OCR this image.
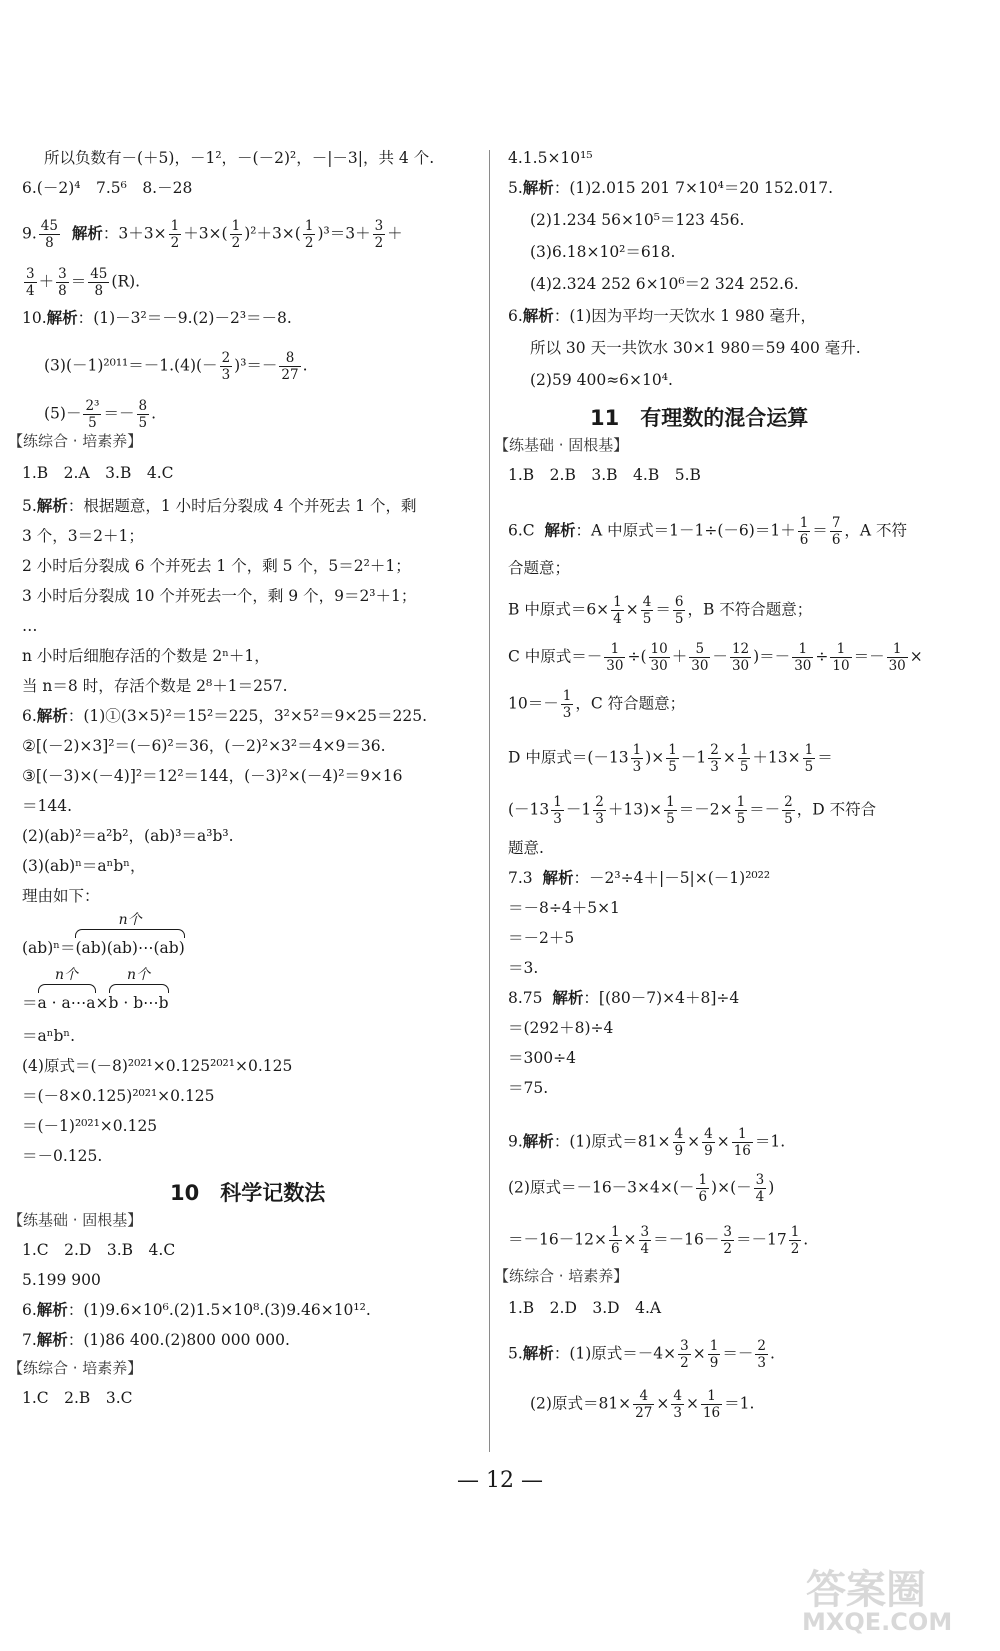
所以负数有－(＋5)，－1²，－(－2)²，－|－3|，共 4 个.
6.(－2)⁴　7.5⁶　8.－28
9. $\frac{45}{8}$ 解析：$3+3\times \frac{1}{2} +3\times( \frac{1}{2} )^2+3\times( \frac{1}{2} )^3=3+ \frac{3}{2}$ ＋
$\frac{3}{4} + \frac{3}{8} = \frac{45}{8} (R)$.
10.解析：(1)－3²＝－9.(2)－2³＝－8.
$(3)(-1)^{2011}=-1.(4)(- \frac{2}{3} )^3=- \frac{8}{27}$ .
$(5)- \frac{\text{2³}}{5} =- \frac{8}{5}$ .
【练综合 · 培素养】
1.B　2.A　3.B　4.C
5.解析：根据题意，1 小时后分裂成 4 个并死去 1 个，剩
3 个，3＝2＋1；
2 小时后分裂成 6 个并死去 1 个，剩 5 个，5＝2²＋1；
3 小时后分裂成 10 个并死去一个，剩 9 个，9＝2³＋1；
…
n 小时后细胞存活的个数是 2ⁿ＋1，
当 n＝8 时，存活个数是 2⁸＋1＝257.
6.解析：(1)①(3×5)²＝15²＝225，3²×5²＝9×25＝225.
②[(－2)×3]²＝(－6)²＝36，(－2)²×3²＝4×9＝36.
③[(－3)×(－4)]²＝12²＝144，(－3)²×(－4)²＝9×16
＝144.
(2)(ab)²＝a²b²，(ab)³＝a³b³.
(3)(ab)ⁿ＝aⁿbⁿ，
理由如下：
(ab)ⁿ＝
n个
(ab)(ab)⋯(ab)
＝
n个
a · a⋯a×
n个
b · b⋯b
＝aⁿbⁿ.
(4)原式＝(－8)²⁰²¹×0.125²⁰²¹×0.125
＝(－8×0.125)²⁰²¹×0.125
＝(－1)²⁰²¹×0.125
＝－0.125.
10　科学记数法
【练基础 · 固根基】
1.C　2.D　3.B　4.C
5.199 900
6.解析：(1)9.6×10⁶.(2)1.5×10⁸.(3)9.46×10¹².
7.解析：(1)86 400.(2)800 000 000.
【练综合 · 培素养】
1.C　2.B　3.C
4.1.5×10¹⁵
5.解析：(1)2.015 201 7×10⁴＝20 152.017.
(2)1.234 56×10⁵＝123 456.
(3)6.18×10²＝618.
(4)2.324 252 6×10⁶＝2 324 252.6.
6.解析：(1)因为平均一天饮水 1 980 毫升，
所以 30 天一共饮水 30×1 980＝59 400 毫升.
(2)59 400≈6×10⁴.
11　有理数的混合运算
【练基础 · 固根基】
1.B　2.B　3.B　4.B　5.B
6.C 解析：A 中原式$=1-1\div(-6)=1+ \frac{1}{6} = \frac{7}{6}$ ，A 不符
合题意；
B 中原式$=6\times \frac{1}{4} \times \frac{4}{5} = \frac{6}{5}$ ，B 不符合题意；
C 中原式＝－ $\frac{1}{30}$ ÷( $\frac{10}{30} + \frac{5}{30} - \frac{12}{30}$ )＝－ $\frac{1}{30} \div \frac{1}{10} =- \frac{1}{30}$ ×
$10=- \frac{1}{3}$ ，C 符合题意；
D 中原式$=(-13 \frac{1}{3}$ )× $\frac{1}{5} -1 \frac{2}{3} \times \frac{1}{5} +13\times \frac{1}{5}$ ＝
$(-13 \frac{1}{3} -1 \frac{2}{3} +13)\times \frac{1}{5} =-2\times \frac{1}{5} =- \frac{2}{5}$ ，D 不符合
题意.
7.3 解析：－2³÷4＋|－5|×(－1)²⁰²²
＝－8÷4＋5×1
＝－2＋5
＝3.
8.75 解析：[(80－7)×4＋8]÷4
＝(292＋8)÷4
＝300÷4
＝75.
9.解析：(1)原式$=81\times \frac{4}{9} \times \frac{4}{9} \times \frac{1}{16} =1$.
(2)原式$=-16-3\times 4\times(- \frac{1}{6}$ )×(－ $\frac{3}{4}$ )
$=-16-12\times \frac{1}{6} \times \frac{3}{4} =-16- \frac{3}{2} =-17 \frac{1}{2}$ .
【练综合 · 培素养】
1.B　2.D　3.D　4.A
5.解析：(1)原式$=-4\times \frac{3}{2} \times \frac{1}{9} =- \frac{2}{3}$ .
(2)原式$=81\times \frac{4}{27} \times \frac{4}{3} \times \frac{1}{16} =1$.
— 12 —
答案圈
MXQE.COM
